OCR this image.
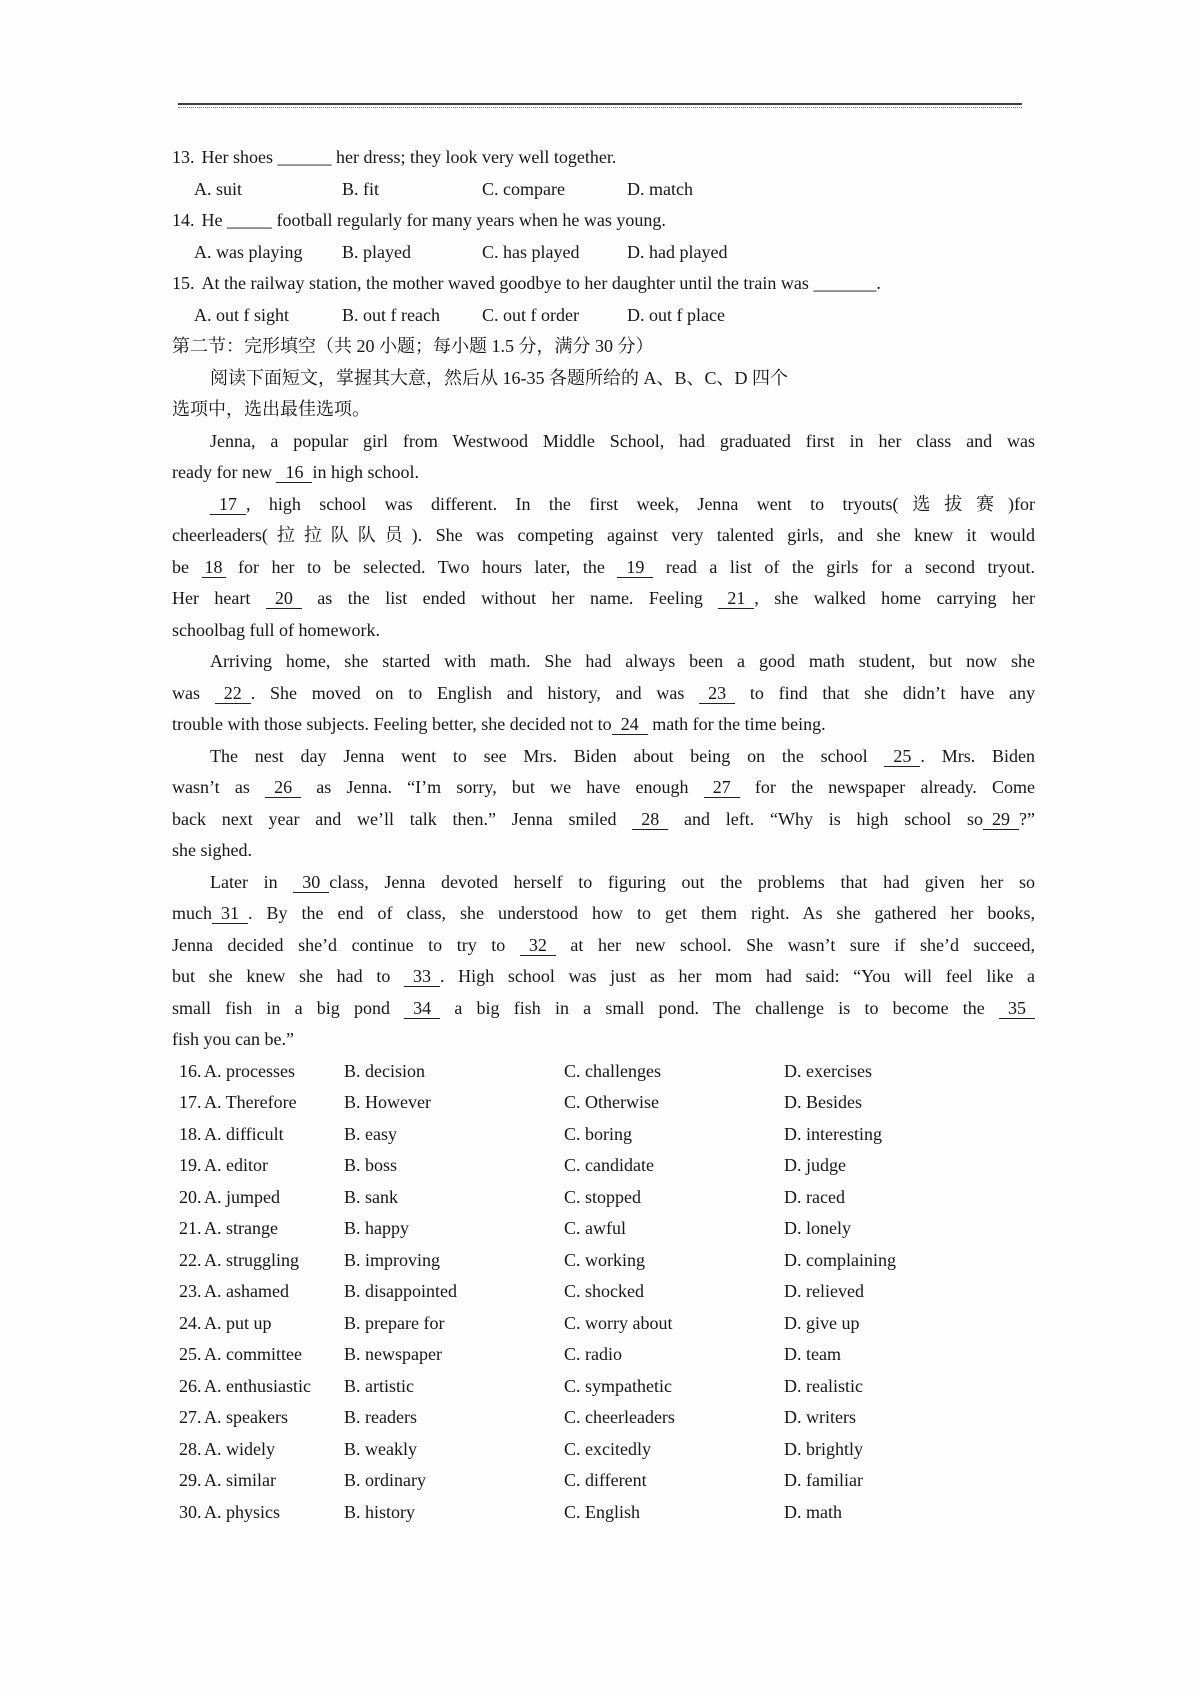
13. Her shoes ______ her dress; they look very well together.
A. suit	B. fit	C. compare	D. match
14. He _____ football regularly for many years when he was young.
A. was playing B. played	C. has played	D. had played
15. At the railway station, the mother waved goodbye to her daughter until the train was _______.
A. out f sight	B. out f reach C. out f order	D. out f place
第二节：完形填空（共 20 小题；每小题 1.5 分，满分 30 分）
阅读下面短文，掌握其大意，然后从 16-35 各题所给的 A、B、C、D 四个
选项中，选出最佳选项。
Jenna, a popular girl from Westwood Middle School, had graduated first in her class and was
ready for new 16 in high school.
17 , high school was different. In the first week, Jenna went to tryouts(选拔赛)for
cheerleaders(拉拉队队员). She was competing against very talented girls, and she knew it would
be 18 for her to be selected. Two hours later, the 19 read a list of the girls for a second tryout.
Her heart 20 as the list ended without her name. Feeling 21 , she walked home carrying her
schoolbag full of homework.
Arriving home, she started with math. She had always been a good math student, but now she
was 22 . She moved on to English and history, and was 23 to find that she didn’t have any
trouble with those subjects. Feeling better, she decided not to 24 math for the time being.
The nest day Jenna went to see Mrs. Biden about being on the school 25 . Mrs. Biden
wasn’t as 26 as Jenna. “I’m sorry, but we have enough 27 for the newspaper already. Come
back next year and we’ll talk then.” Jenna smiled 28 and left. “Why is high school so 29 ?”
she sighed.
Later in 30 class, Jenna devoted herself to figuring out the problems that had given her so
much 31 . By the end of class, she understood how to get them right. As she gathered her books,
Jenna decided she’d continue to try to 32 at her new school. She wasn’t sure if she’d succeed,
but she knew she had to 33 . High school was just as her mom had said: “You will feel like a
small fish in a big pond 34 a big fish in a small pond. The challenge is to become the 35
fish you can be.”
16. A. processes	B. decision	C. challenges	D. exercises
17. A. Therefore	B. However	C. Otherwise	D. Besides
18. A. difficult	B. easy	C. boring	D. interesting
19. A. editor	B. boss	C. candidate	D. judge
20. A. jumped	B. sank	C. stopped	D. raced
21. A. strange	B. happy	C. awful	D. lonely
22. A. struggling B. improving	C. working	D. complaining
23. A. ashamed	B. disappointed	C. shocked	D. relieved
24. A. put up	B. prepare for	C. worry about	D. give up
25. A. committee B. newspaper	C. radio	D. team
26. A. enthusiastic B. artistic	C. sympathetic	D. realistic
27. A. speakers	B. readers	C. cheerleaders	D. writers
28. A. widely	B. weakly	C. excitedly	D. brightly
29. A. similar	B. ordinary	C. different	D. familiar
30. A. physics	B. history	C. English	D. math
